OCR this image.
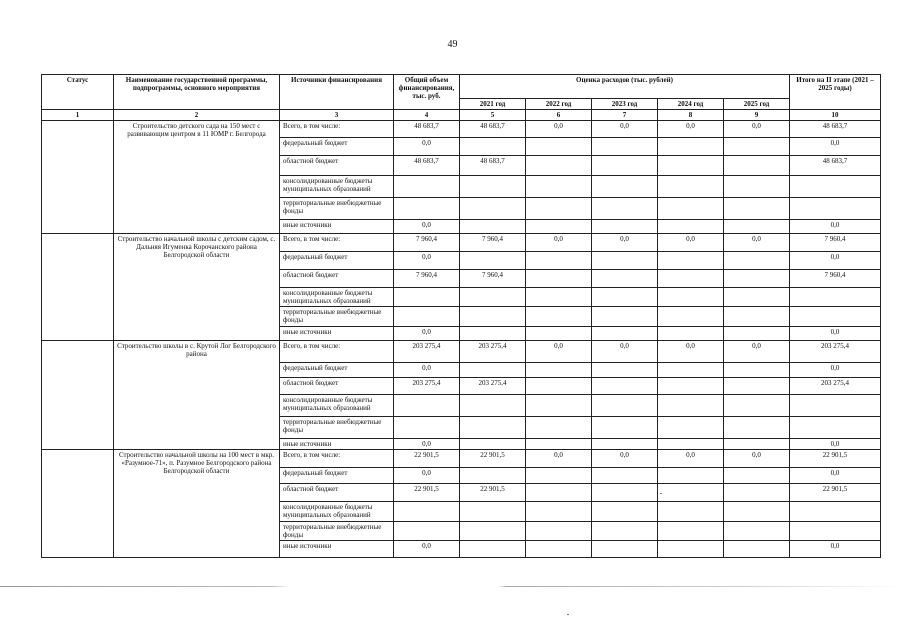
49
Статус	Наименование государственной программы, подпрограммы, основного мероприятия	Источники финансирования	Общий объем финансирования, тыс. руб.	Оценка расходов (тыс. рублей)					Итого на II этапе (2021 – 2025 годы)
				2021 год	2022 год	2023 год	2024 год	2025 год	
1	2	3	4	5	6	7	8	9	10
	Строительство детского сада на 150 мест с развивающим центром в 11 ЮМР г. Белгорода	Всего, в том числе:	48 683,7	48 683,7	0,0	0,0	0,0	0,0	48 683,7
		федеральный бюджет	0,0						0,0
		областной бюджет	48 683,7	48 683,7					48 683,7
		консолидированные бюджеты муниципальных образований							
		территориальные внебюджетные фонды							
		иные источники	0,0						0,0
	Строительство начальной школы с детским садом, с. Дальняя Игуменка Корочанского района Белгородской области	Всего, в том числе:	7 960,4	7 960,4	0,0	0,0	0,0	0,0	7 960,4
		федеральный бюджет	0,0						0,0
		областной бюджет	7 960,4	7 960,4					7 960,4
		консолидированные бюджеты муниципальных образований							
		территориальные внебюджетные фонды							
		иные источники	0,0						0,0
	Строительство школы в с. Крутой Лог Белгородского района	Всего, в том числе:	203 275,4	203 275,4	0,0	0,0	0,0	0,0	203 275,4
		федеральный бюджет	0,0						0,0
		областной бюджет	203 275,4	203 275,4					203 275,4
		консолидированные бюджеты муниципальных образований							
		территориальные внебюджетные фонды							
		иные источники	0,0						0,0
	Строительство начальной школы на 100 мест в мкр. «Разумное-71», п. Разумное Белгородского района Белгородской области	Всего, в том числе:	22 901,5	22 901,5	0,0	0,0	0,0	0,0	22 901,5
		федеральный бюджет	0,0						0,0
		областной бюджет	22 901,5	22 901,5					22 901,5
		консолидированные бюджеты муниципальных образований							
		территориальные внебюджетные фонды							
		иные источники	0,0						0,0
